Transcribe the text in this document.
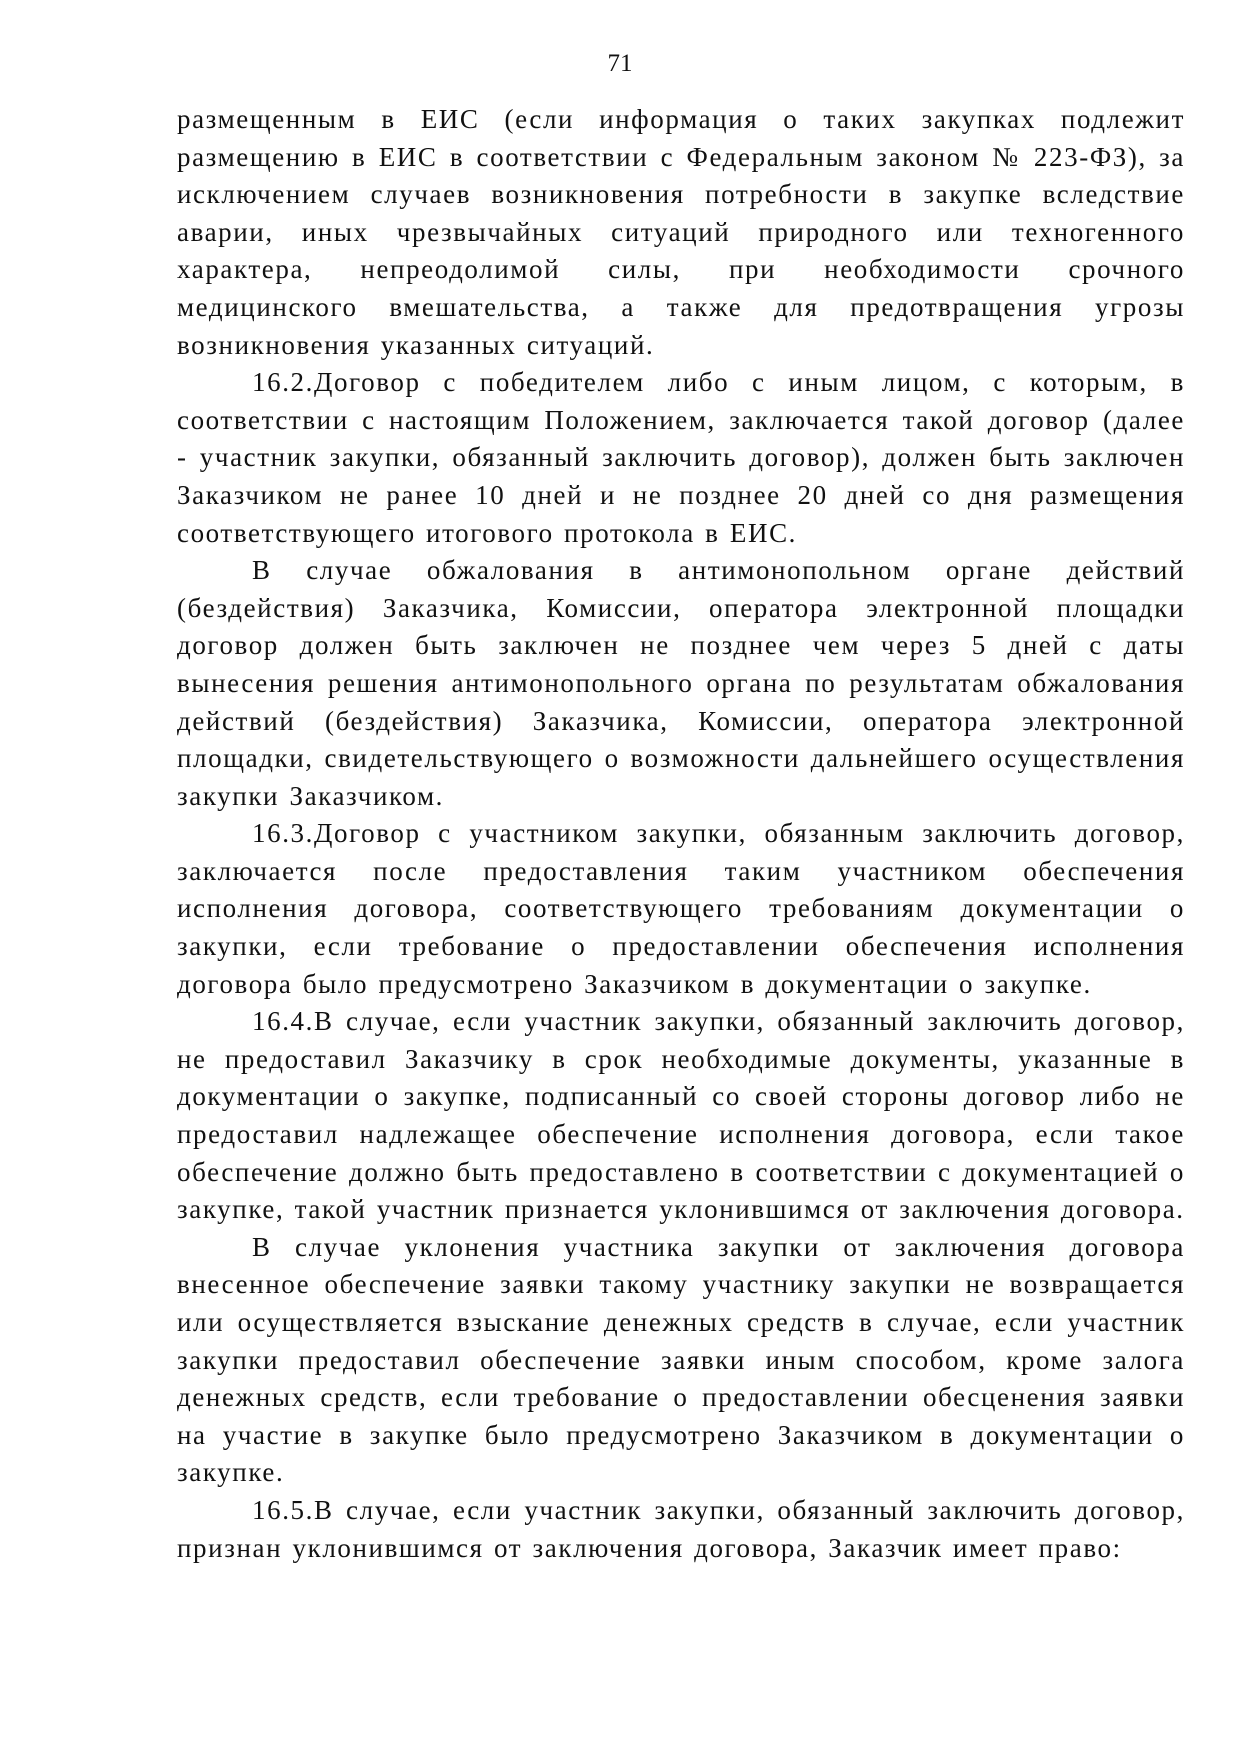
71

размещенным в ЕИС (если информация о таких закупках подлежит размещению в ЕИС в соответствии с Федеральным законом № 223-ФЗ), за исключением случаев возникновения потребности в закупке вследствие аварии, иных чрезвычайных ситуаций природного или техногенного характера, непреодолимой силы, при необходимости срочного медицинского вмешательства, а также для предотвращения угрозы возникновения указанных ситуаций.

16.2.Договор с победителем либо с иным лицом, с которым, в соответствии с настоящим Положением, заключается такой договор (далее - участник закупки, обязанный заключить договор), должен быть заключен Заказчиком не ранее 10 дней и не позднее 20 дней со дня размещения соответствующего итогового протокола в ЕИС.

В случае обжалования в антимонопольном органе действий (бездействия) Заказчика, Комиссии, оператора электронной площадки договор должен быть заключен не позднее чем через 5 дней с даты вынесения решения антимонопольного органа по результатам обжалования действий (бездействия) Заказчика, Комиссии, оператора электронной площадки, свидетельствующего о возможности дальнейшего осуществления закупки Заказчиком.

16.3.Договор с участником закупки, обязанным заключить договор, заключается после предоставления таким участником обеспечения исполнения договора, соответствующего требованиям документации о закупки, если требование о предоставлении обеспечения исполнения договора было предусмотрено Заказчиком в документации о закупке.

16.4.В случае, если участник закупки, обязанный заключить договор, не предоставил Заказчику в срок необходимые документы, указанные в документации о закупке, подписанный со своей стороны договор либо не предоставил надлежащее обеспечение исполнения договора, если такое обеспечение должно быть предоставлено в соответствии с документацией о закупке, такой участник признается уклонившимся от заключения договора.

В случае уклонения участника закупки от заключения договора внесенное обеспечение заявки такому участнику закупки не возвращается или осуществляется взыскание денежных средств в случае, если участник закупки предоставил обеспечение заявки иным способом, кроме залога денежных средств, если требование о предоставлении обесценения заявки на участие в закупке было предусмотрено Заказчиком в документации о закупке.

16.5.В случае, если участник закупки, обязанный заключить договор, признан уклонившимся от заключения договора, Заказчик имеет право:
